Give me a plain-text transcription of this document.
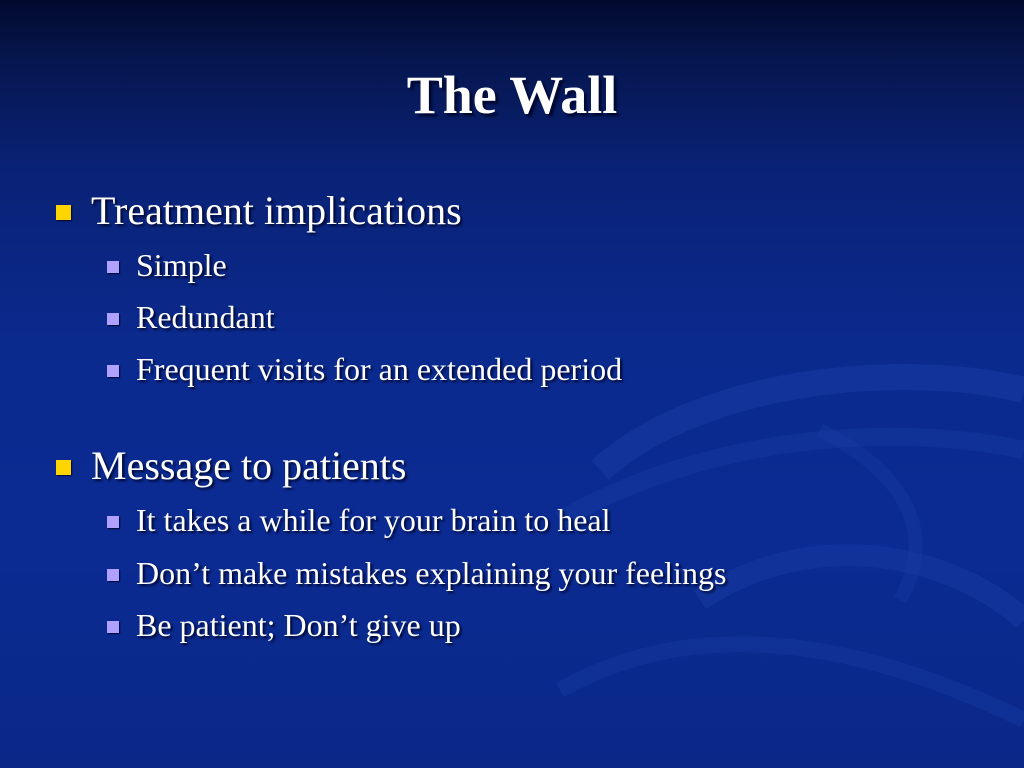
The Wall
Treatment implications
Simple
Redundant
Frequent visits for an extended period
Message to patients
It takes a while for your brain to heal
Don’t make mistakes explaining your feelings
Be patient; Don’t give up
